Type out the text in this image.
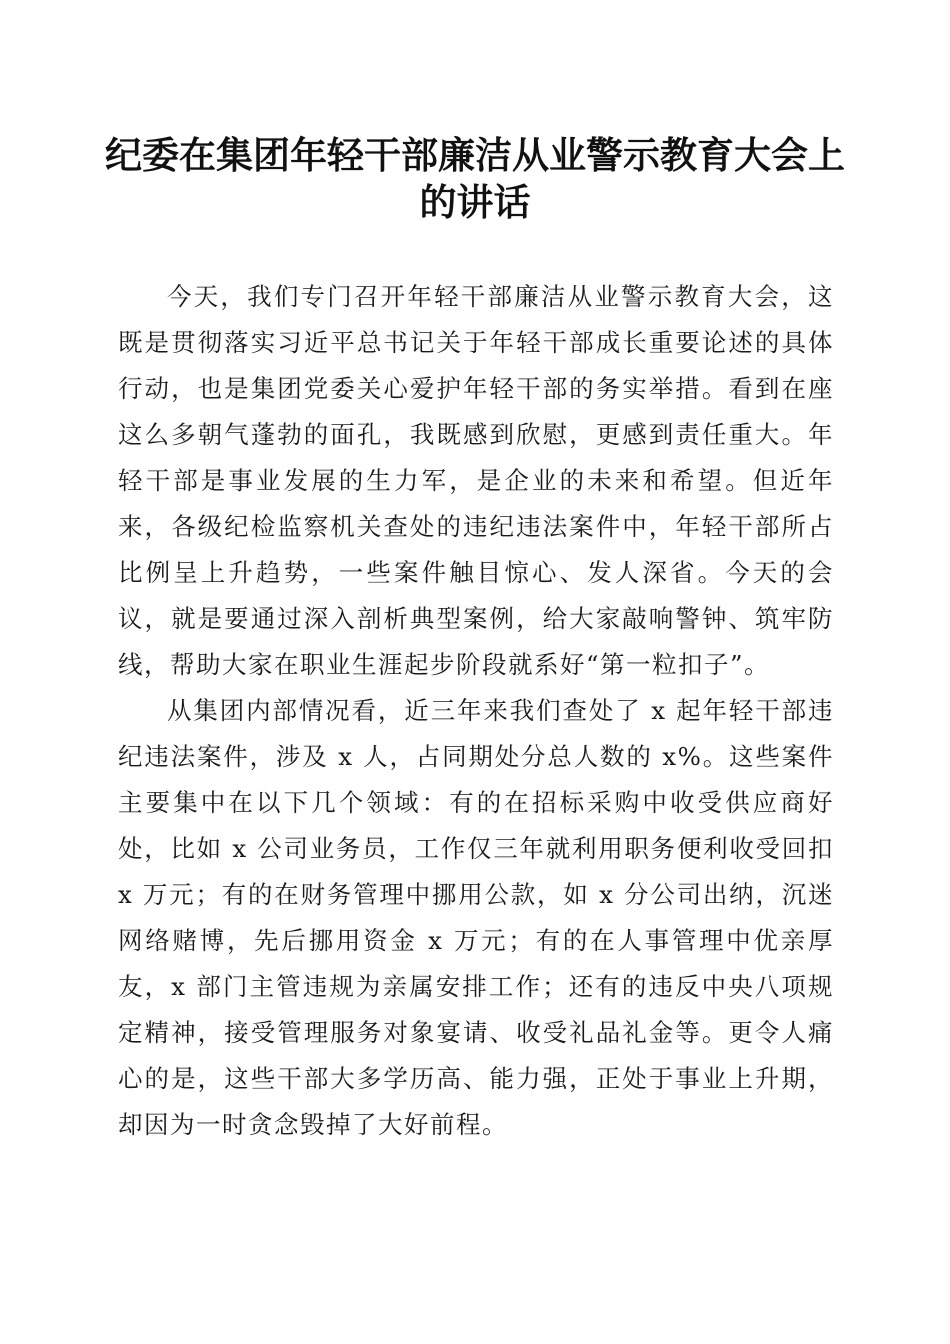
纪委在集团年轻干部廉洁从业警示教育大会上的讲话

今天，我们专门召开年轻干部廉洁从业警示教育大会，这既是贯彻落实习近平总书记关于年轻干部成长重要论述的具体行动，也是集团党委关心爱护年轻干部的务实举措。看到在座这么多朝气蓬勃的面孔，我既感到欣慰，更感到责任重大。年轻干部是事业发展的生力军，是企业的未来和希望。但近年来，各级纪检监察机关查处的违纪违法案件中，年轻干部所占比例呈上升趋势，一些案件触目惊心、发人深省。今天的会议，就是要通过深入剖析典型案例，给大家敲响警钟、筑牢防线，帮助大家在职业生涯起步阶段就系好“第一粒扣子”。

从集团内部情况看，近三年来我们查处了 x 起年轻干部违纪违法案件，涉及 x 人，占同期处分总人数的 x%。这些案件主要集中在以下几个领域：有的在招标采购中收受供应商好处，比如 x 公司业务员，工作仅三年就利用职务便利收受回扣 x 万元；有的在财务管理中挪用公款，如 x 分公司出纳，沉迷网络赌博，先后挪用资金 x 万元；有的在人事管理中优亲厚友，x 部门主管违规为亲属安排工作；还有的违反中央八项规定精神，接受管理服务对象宴请、收受礼品礼金等。更令人痛心的是，这些干部大多学历高、能力强，正处于事业上升期，却因为一时贪念毁掉了大好前程。
